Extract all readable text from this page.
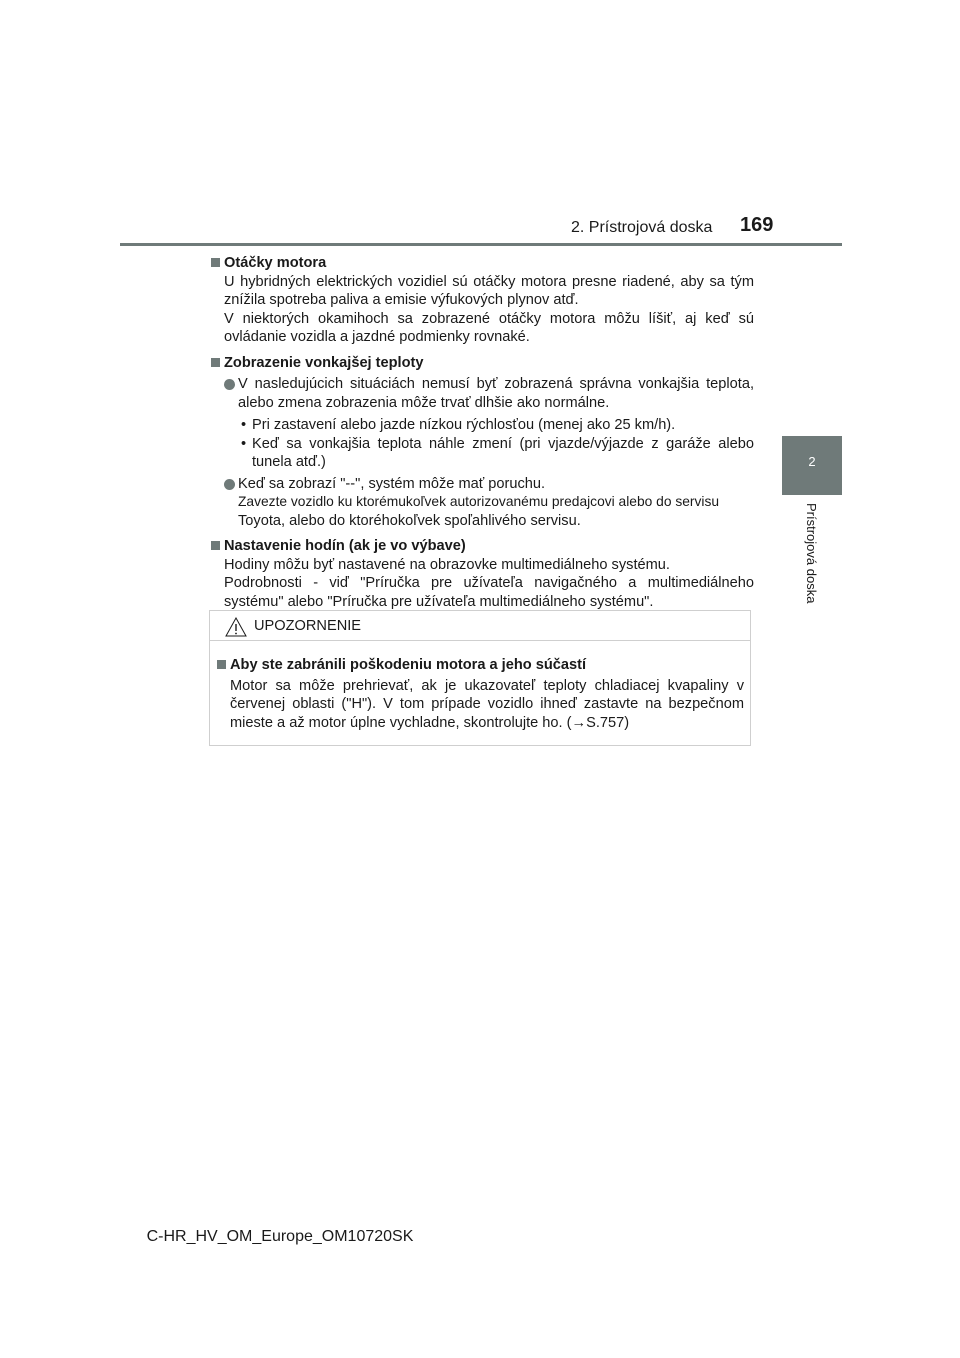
2. Prístrojová doska 169
2
Prístrojová doska
Otáčky motora
U hybridných elektrických vozidiel sú otáčky motora presne riadené, aby sa tým znížila spotreba paliva a emisie výfukových plynov atď.
V niektorých okamihoch sa zobrazené otáčky motora môžu líšiť, aj keď sú ovládanie vozidla a jazdné podmienky rovnaké.
Zobrazenie vonkajšej teploty
V nasledujúcich situáciách nemusí byť zobrazená správna vonkajšia teplota, alebo zmena zobrazenia môže trvať dlhšie ako normálne.
• Pri zastavení alebo jazde nízkou rýchlosťou (menej ako 25 km/h).
• Keď sa vonkajšia teplota náhle zmení (pri vjazde/výjazde z garáže alebo tunela atď.)
Keď sa zobrazí "--", systém môže mať poruchu.
Zavezte vozidlo ku ktorémukoľvek autorizovanému predajcovi alebo do servisu
Toyota, alebo do ktoréhokoľvek spoľahlivého servisu.
Nastavenie hodín (ak je vo výbave)
Hodiny môžu byť nastavené na obrazovke multimediálneho systému.
Podrobnosti - viď "Príručka pre užívateľa navigačného a multimediálneho systému" alebo "Príručka pre užívateľa multimediálneho systému".
UPOZORNENIE
Aby ste zabránili poškodeniu motora a jeho súčastí
Motor sa môže prehrievať, ak je ukazovateľ teploty chladiacej kvapaliny v červenej oblasti ("H"). V tom prípade vozidlo ihneď zastavte na bezpečnom mieste a až motor úplne vychladne, skontrolujte ho. (→S.757)
C-HR_HV_OM_Europe_OM10720SK
